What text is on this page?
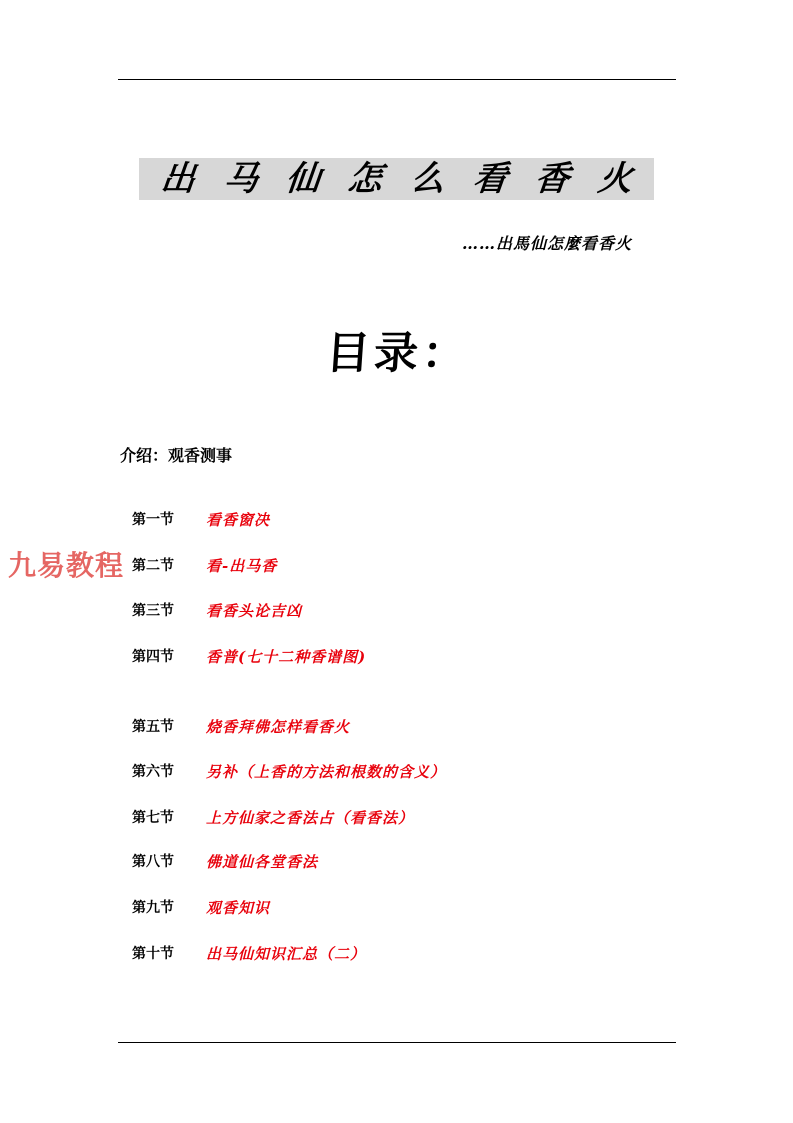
出 马 仙 怎 么 看 香 火
……出馬仙怎麼看香火
目录：
介绍：观香测事
第一节	看香窗决
第二节	看-出马香
第三节	看香头论吉凶
第四节	香普(七十二种香谱图)
第五节	烧香拜佛怎样看香火
第六节	另补（上香的方法和根数的含义）
第七节	上方仙家之香法占（看香法）
第八节	佛道仙各堂香法
第九节	观香知识
第十节	出马仙知识汇总（二）
九易教程
